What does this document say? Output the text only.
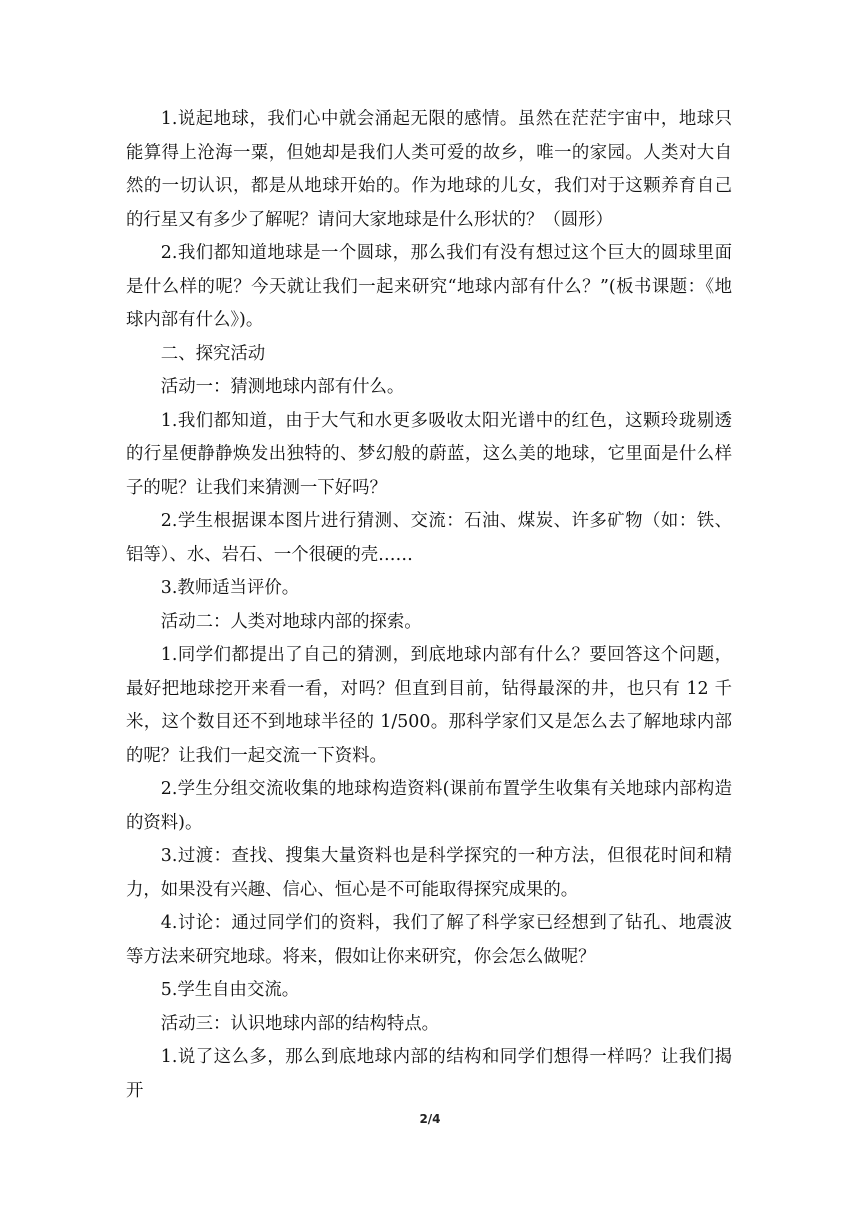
1.说起地球，我们心中就会涌起无限的感情。虽然在茫茫宇宙中，地球只能算得上沧海一粟，但她却是我们人类可爱的故乡，唯一的家园。人类对大自然的一切认识，都是从地球开始的。作为地球的儿女，我们对于这颗养育自己的行星又有多少了解呢？请问大家地球是什么形状的？（圆形）

2.我们都知道地球是一个圆球，那么我们有没有想过这个巨大的圆球里面是什么样的呢？今天就让我们一起来研究“地球内部有什么？”(板书课题：《地球内部有什么》)。

二、探究活动

活动一：猜测地球内部有什么。

1.我们都知道，由于大气和水更多吸收太阳光谱中的红色，这颗玲珑剔透的行星便静静焕发出独特的、梦幻般的蔚蓝，这么美的地球，它里面是什么样子的呢？让我们来猜测一下好吗？

2.学生根据课本图片进行猜测、交流：石油、煤炭、许多矿物（如：铁、铝等）、水、岩石、一个很硬的壳……

3.教师适当评价。

活动二：人类对地球内部的探索。

1.同学们都提出了自己的猜测，到底地球内部有什么？要回答这个问题，最好把地球挖开来看一看，对吗？但直到目前，钻得最深的井，也只有 12 千米，这个数目还不到地球半径的 1/500。那科学家们又是怎么去了解地球内部的呢？让我们一起交流一下资料。

2.学生分组交流收集的地球构造资料(课前布置学生收集有关地球内部构造的资料)。

3.过渡：查找、搜集大量资料也是科学探究的一种方法，但很花时间和精力，如果没有兴趣、信心、恒心是不可能取得探究成果的。

4.讨论：通过同学们的资料，我们了解了科学家已经想到了钻孔、地震波等方法来研究地球。将来，假如让你来研究，你会怎么做呢？

5.学生自由交流。

活动三：认识地球内部的结构特点。

1.说了这么多，那么到底地球内部的结构和同学们想得一样吗？让我们揭开

2/4
